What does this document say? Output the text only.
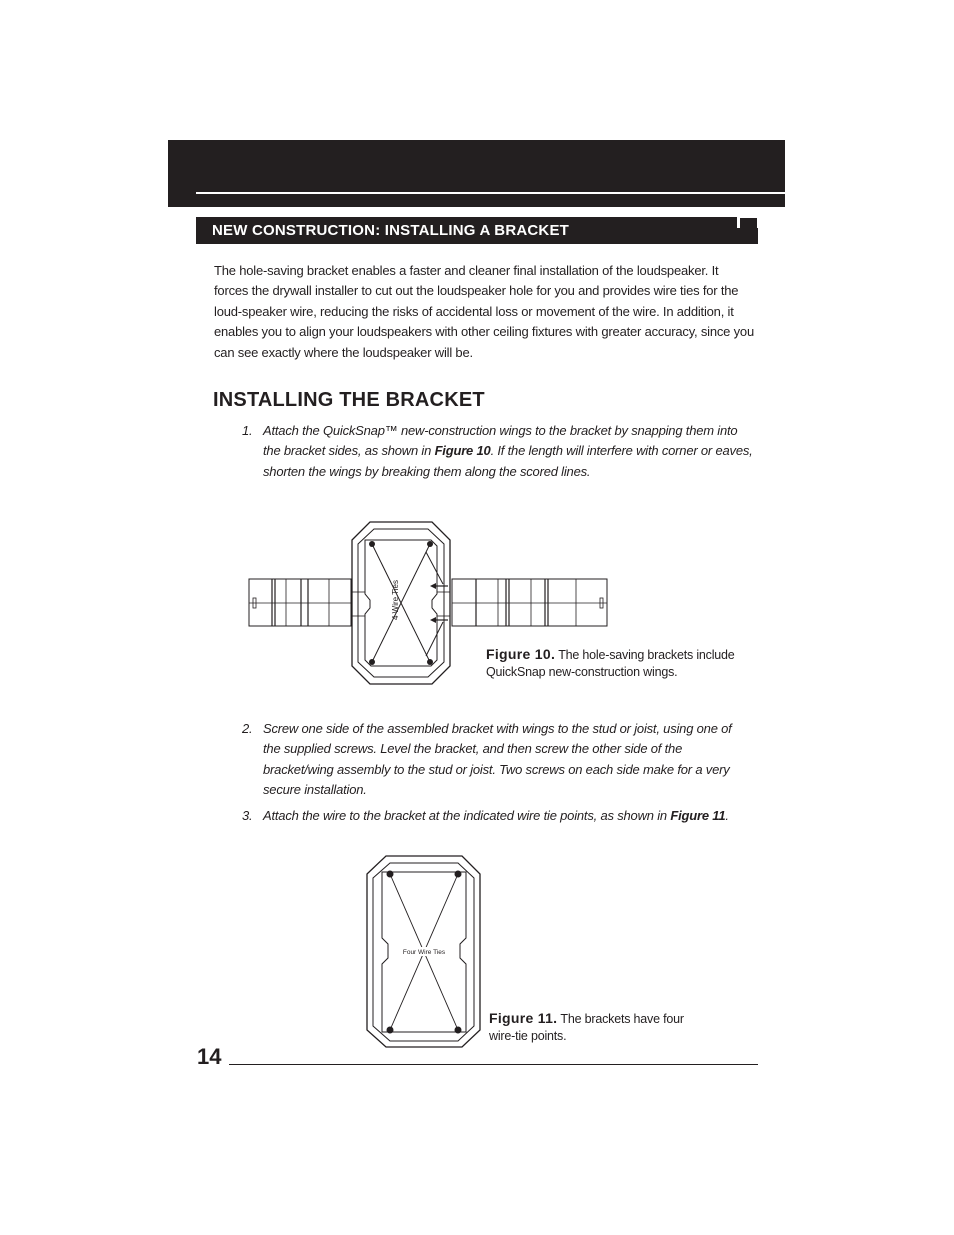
NEW CONSTRUCTION: INSTALLING A BRACKET

The hole-saving bracket enables a faster and cleaner final installation of the loudspeaker. It forces the drywall installer to cut out the loudspeaker hole for you and provides wire ties for the loud-speaker wire, reducing the risks of accidental loss or movement of the wire. In addition, it enables you to align your loudspeakers with other ceiling fixtures with greater accuracy, since you can see exactly where the loudspeaker will be.

INSTALLING THE BRACKET

1. Attach the QuickSnap™ new-construction wings to the bracket by snapping them into the bracket sides, as shown in Figure 10. If the length will interfere with corner or eaves, shorten the wings by breaking them along the scored lines.

4 Wire Ties

Figure 10. The hole-saving brackets include QuickSnap new-construction wings.

2. Screw one side of the assembled bracket with wings to the stud or joist, using one of the supplied screws. Level the bracket, and then screw the other side of the bracket/wing assembly to the stud or joist. Two screws on each side make for a very secure installation.

3. Attach the wire to the bracket at the indicated wire tie points, as shown in Figure 11.

Four Wire Ties

Figure 11. The brackets have four wire-tie points.

14
